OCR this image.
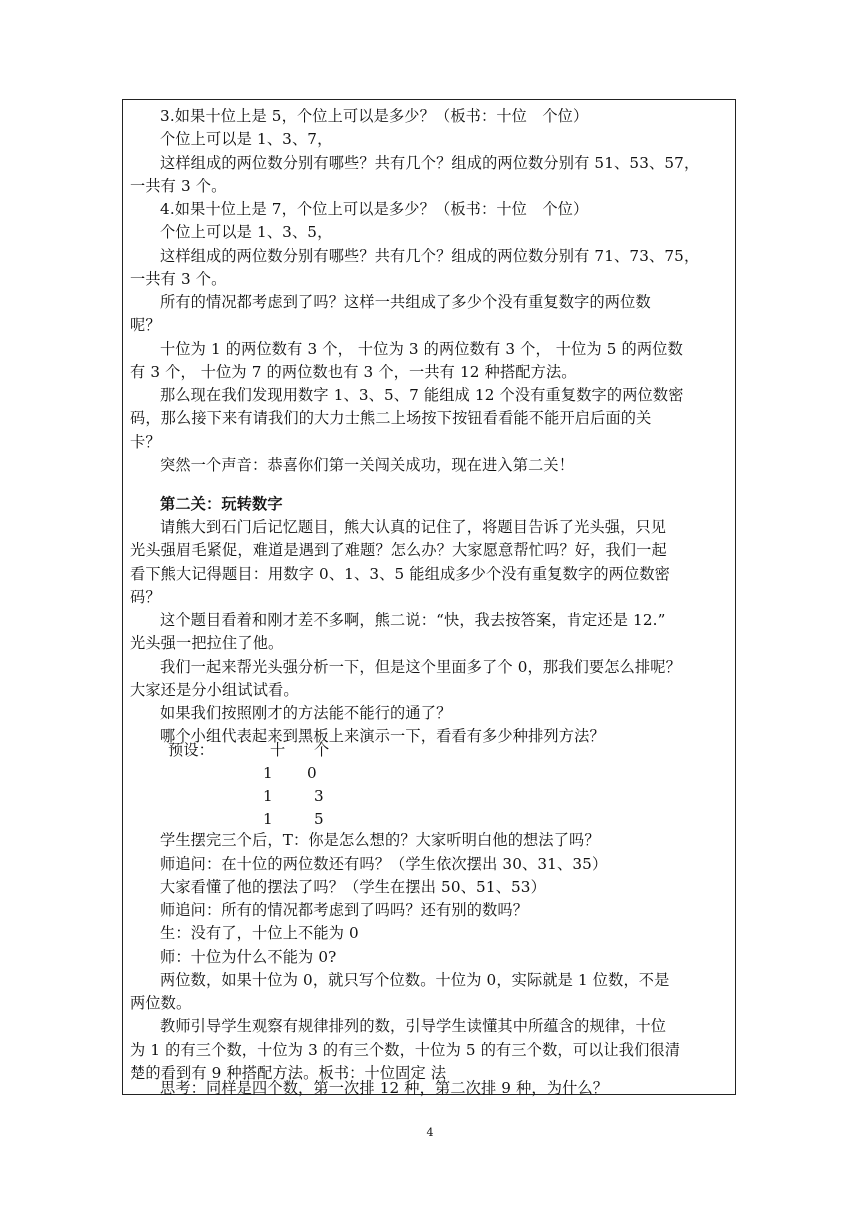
3.如果十位上是 5，个位上可以是多少？（板书：十位　个位）
个位上可以是 1、3、7，
这样组成的两位数分别有哪些？共有几个？组成的两位数分别有 51、53、57，
一共有 3 个。
4.如果十位上是 7，个位上可以是多少？（板书：十位　个位）
个位上可以是 1、3、5，
这样组成的两位数分别有哪些？共有几个？组成的两位数分别有 71、73、75，
一共有 3 个。
所有的情况都考虑到了吗？这样一共组成了多少个没有重复数字的两位数
呢？
十位为 1 的两位数有 3 个， 十位为 3 的两位数有 3 个， 十位为 5 的两位数
有 3 个， 十位为 7 的两位数也有 3 个，一共有 12 种搭配方法。
那么现在我们发现用数字 1、3、5、7 能组成 12 个没有重复数字的两位数密
码，那么接下来有请我们的大力士熊二上场按下按钮看看能不能开启后面的关
卡？
突然一个声音：恭喜你们第一关闯关成功，现在进入第二关！
第二关：玩转数字
请熊大到石门后记忆题目，熊大认真的记住了，将题目告诉了光头强，只见
光头强眉毛紧促，难道是遇到了难题？怎么办？大家愿意帮忙吗？好，我们一起
看下熊大记得题目：用数字 0、1、3、5 能组成多少个没有重复数字的两位数密
码？
这个题目看着和刚才差不多啊，熊二说：“快，我去按答案，肯定还是 12.”
光头强一把拉住了他。
我们一起来帮光头强分析一下，但是这个里面多了个 0，那我们要怎么排呢？
大家还是分小组试试看。
如果我们按照刚才的方法能不能行的通了？
哪个小组代表起来到黑板上来演示一下，看看有多少种排列方法？
预设：	十 个
1 0
1	3
1	5
学生摆完三个后，T：你是怎么想的？大家听明白他的想法了吗？
师追问：在十位的两位数还有吗？（学生依次摆出 30、31、35）
大家看懂了他的摆法了吗？（学生在摆出 50、51、53）
师追问：所有的情况都考虑到了吗吗？还有别的数吗？
生：没有了，十位上不能为 0
师：十位为什么不能为 0?
两位数，如果十位为 0，就只写个位数。十位为 0，实际就是 1 位数，不是
两位数。
教师引导学生观察有规律排列的数，引导学生读懂其中所蕴含的规律，十位
为 1 的有三个数，十位为 3 的有三个数，十位为 5 的有三个数，可以让我们很清
楚的看到有 9 种搭配方法。板书：十位固定 法
思考：同样是四个数，第一次排 12 种，第二次排 9 种，为什么？
4
